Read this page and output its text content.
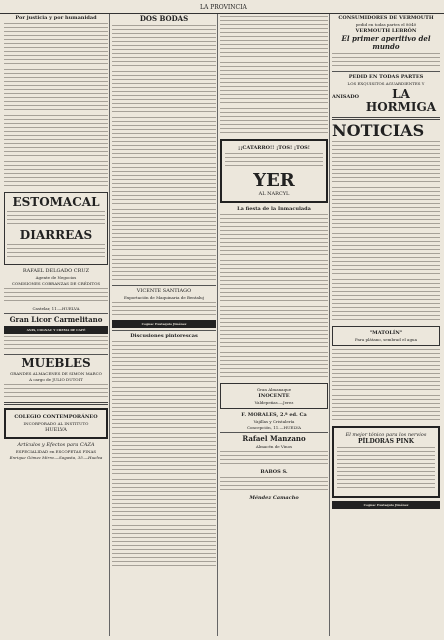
LA PROVINCIA
Por justicia y por humanidad
ESTOMACAL
DIARREAS
RAFAEL DELGADO CRUZ
Agente de Negocios
COMISIONES COBRANZAS DE CRÉDITOS
Castelar, 11.—HUELVA
Gran Licor Carmelitano
ANIS, COGNAC Y CREMA DE CAFÉ
MUEBLES
GRANDES ALMACENES DE SIMON MARCO
A cargo de JULIO DUTOIT
COLEGIO CONTEMPORÁNEO
INCORPORADO AL INSTITUTO
HUELVA
Artículos y Efectos para CAZA
ESPECIALIDAD en ESCOPETAS FINAS
Enrique Gómez Mirra.—Sagasta, 35.—Huelva
DOS BODAS
VICENTE SANTIAGO
Exportación de Maquinaria de Bentaluj
Cognac Eustaquio Jiménez
Discusiones pintorescas
¡¡CATARRO!! ¡TOS! ¡TOS!
YER
AL NARCYL
La fiesta de la Inmaculada
Gran Almanaque
INOCENTE
Valdepeñas.—Jerez
F. MORALES, 2.ª ed. Ca
Vajillas y Cristalería
Concepción, 11.—HUELVA
Rafael Manzano
Almacén de Vinos
BABOS S.
Méndez Camacho
CONSUMIDORES DE VERMOUTH
pedid en todas partes el 8040
VERMOUTH LEBRÓN
El primer aperitivo del mundo
PEDID EN TODAS PARTES
LOS EXQUISITOS AGUARDIENTES Y
ANISADO	LA HORMIGA
NOTICIAS
"MATOLÍN"
Para plátano, sembrad el agua
El mejor tónico para los nervios
PÍLDORAS PINK
Cognac Eustaquio Jiménez
